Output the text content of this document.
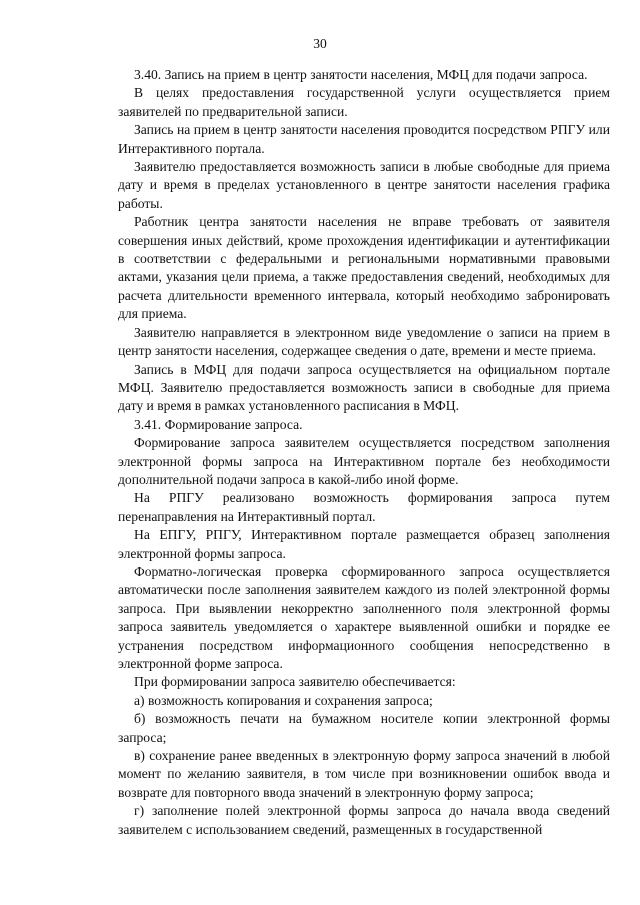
30

3.40. Запись на прием в центр занятости населения, МФЦ для подачи запроса.

В целях предоставления государственной услуги осуществляется прием заявителей по предварительной записи.

Запись на прием в центр занятости населения проводится посредством РПГУ или Интерактивного портала.

Заявителю предоставляется возможность записи в любые свободные для приема дату и время в пределах установленного в центре занятости населения графика работы.

Работник центра занятости населения не вправе требовать от заявителя совершения иных действий, кроме прохождения идентификации и аутентификации в соответствии с федеральными и региональными нормативными правовыми актами, указания цели приема, а также предоставления сведений, необходимых для расчета длительности временного интервала, который необходимо забронировать для приема.

Заявителю направляется в электронном виде уведомление о записи на прием в центр занятости населения, содержащее сведения о дате, времени и месте приема.

Запись в МФЦ для подачи запроса осуществляется на официальном портале МФЦ. Заявителю предоставляется возможность записи в свободные для приема дату и время в рамках установленного расписания в МФЦ.

3.41. Формирование запроса.

Формирование запроса заявителем осуществляется посредством заполнения электронной формы запроса на Интерактивном портале без необходимости дополнительной подачи запроса в какой-либо иной форме.

На РПГУ реализовано возможность формирования запроса путем перенаправления на Интерактивный портал.

На ЕПГУ, РПГУ, Интерактивном портале размещается образец заполнения электронной формы запроса.

Форматно-логическая проверка сформированного запроса осуществляется автоматически после заполнения заявителем каждого из полей электронной формы запроса. При выявлении некорректно заполненного поля электронной формы запроса заявитель уведомляется о характере выявленной ошибки и порядке ее устранения посредством информационного сообщения непосредственно в электронной форме запроса.

При формировании запроса заявителю обеспечивается:

а) возможность копирования и сохранения запроса;

б) возможность печати на бумажном носителе копии электронной формы запроса;

в) сохранение ранее введенных в электронную форму запроса значений в любой момент по желанию заявителя, в том числе при возникновении ошибок ввода и возврате для повторного ввода значений в электронную форму запроса;

г) заполнение полей электронной формы запроса до начала ввода сведений заявителем с использованием сведений, размещенных в государственной
